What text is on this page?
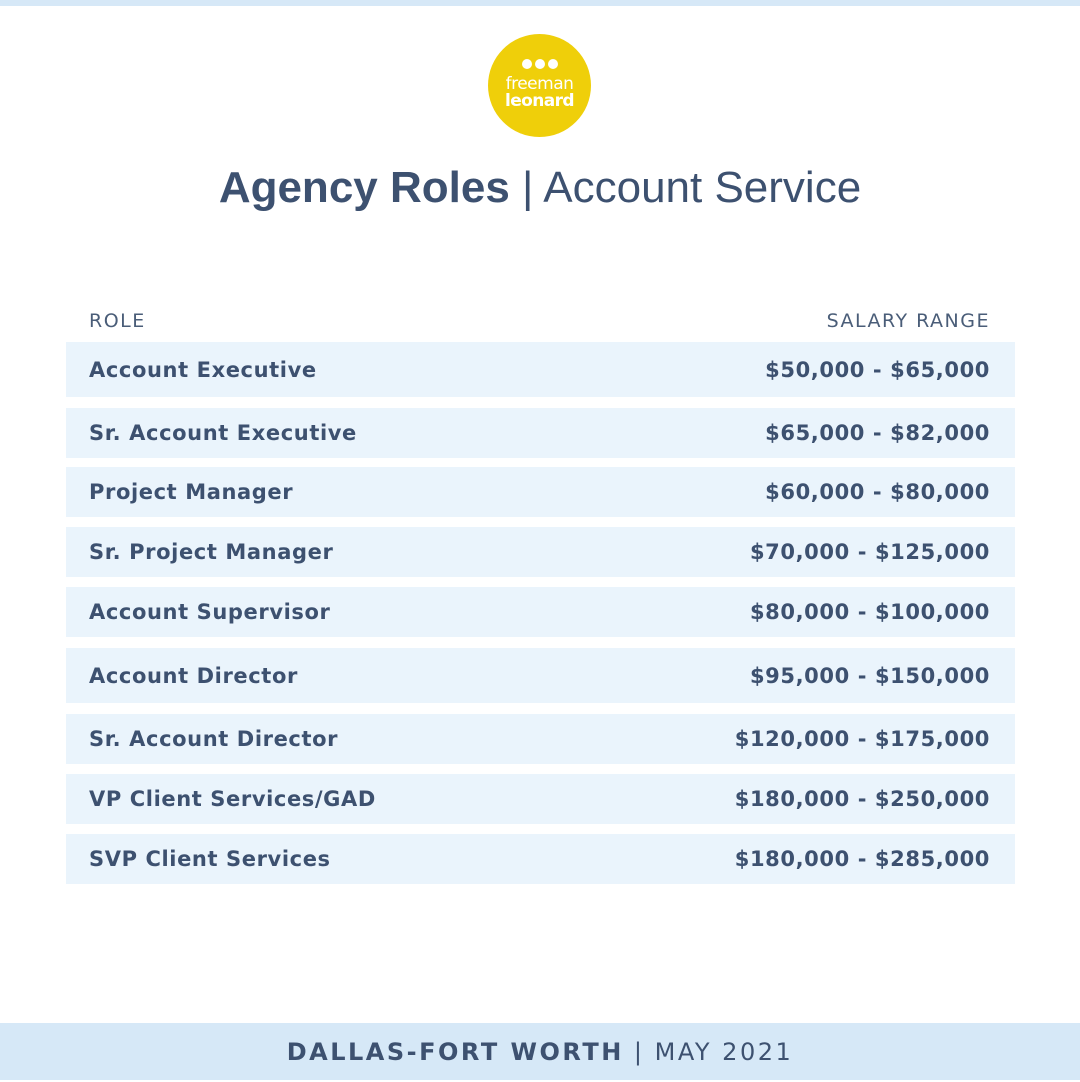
freeman
leonard
Agency Roles | Account Service
ROLE	SALARY RANGE
Account Executive	$50,000 - $65,000
Sr. Account Executive	$65,000 - $82,000
Project Manager	$60,000 - $80,000
Sr. Project Manager	$70,000 - $125,000
Account Supervisor	$80,000 - $100,000
Account Director	$95,000 - $150,000
Sr. Account Director	$120,000 - $175,000
VP Client Services/GAD	$180,000 - $250,000
SVP Client Services	$180,000 - $285,000
DALLAS-FORT WORTH | MAY 2021
